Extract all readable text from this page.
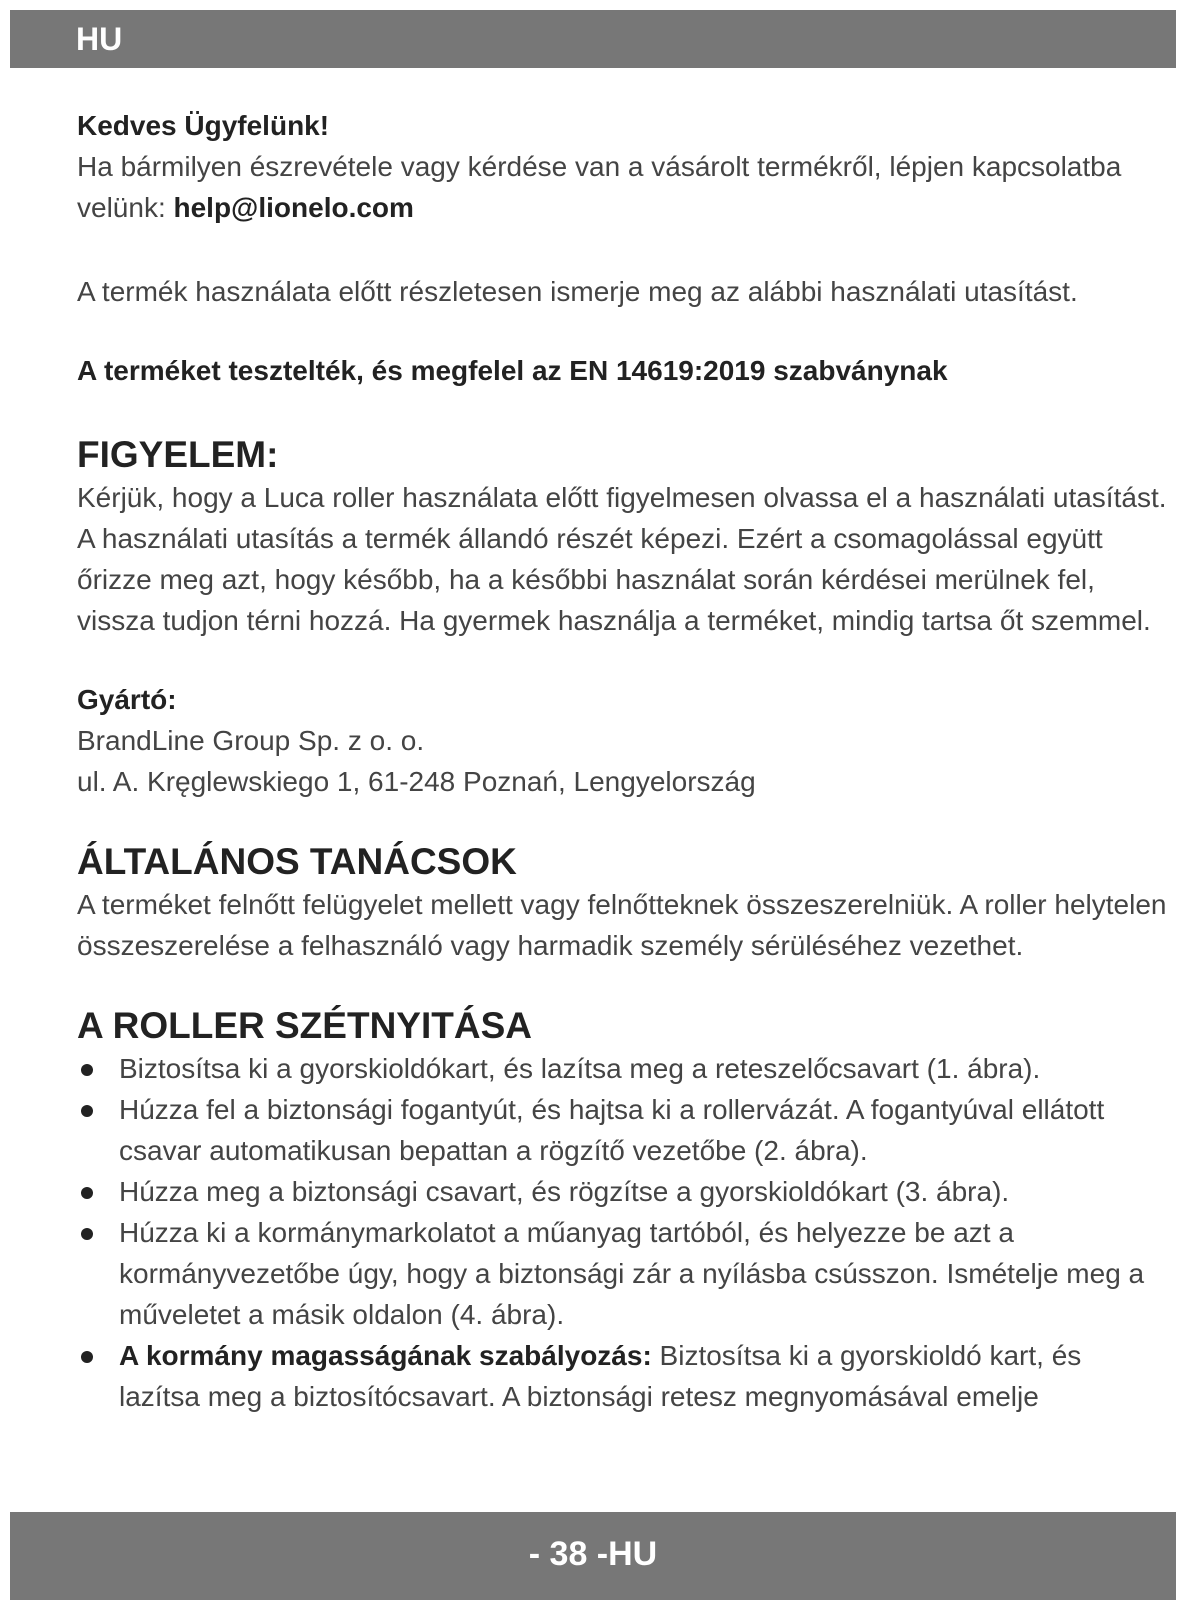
HU

Kedves Ügyfelünk!

Ha bármilyen észrevétele vagy kérdése van a vásárolt termékről, lépjen kapcsolatba velünk: help@lionelo.com

A termék használata előtt részletesen ismerje meg az alábbi használati utasítást.

A terméket tesztelték, és megfelel az EN 14619:2019 szabványnak

FIGYELEM:

Kérjük, hogy a Luca roller használata előtt figyelmesen olvassa el a használati utasítást. A használati utasítás a termék állandó részét képezi. Ezért a csomagolással együtt őrizze meg azt, hogy később, ha a későbbi használat során kérdései merülnek fel, vissza tudjon térni hozzá. Ha gyermek használja a terméket, mindig tartsa őt szemmel.

Gyártó:

BrandLine Group Sp. z o. o.

ul. A. Kręglewskiego 1, 61-248 Poznań, Lengyelország

ÁLTALÁNOS TANÁCSOK

A terméket felnőtt felügyelet mellett vagy felnőtteknek összeszerelniük. A roller helytelen összeszerelése a felhasználó vagy harmadik személy sérüléséhez vezethet.

A ROLLER SZÉTNYITÁSA
Biztosítsa ki a gyorskioldókart, és lazítsa meg a reteszelőcsavart (1. ábra).
Húzza fel a biztonsági fogantyút, és hajtsa ki a rollervázát. A fogantyúval ellátott csavar automatikusan bepattan a rögzítő vezetőbe (2. ábra).
Húzza meg a biztonsági csavart, és rögzítse a gyorskioldókart (3. ábra).
Húzza ki a kormánymarkolatot a műanyag tartóból, és helyezze be azt a kormányvezetőbe úgy, hogy a biztonsági zár a nyílásba csússzon. Ismételje meg a műveletet a másik oldalon (4. ábra).
A kormány magasságának szabályozás: Biztosítsa ki a gyorskioldó kart, és lazítsa meg a biztosítócsavart. A biztonsági retesz megnyomásával emelje
- 38 -HU
